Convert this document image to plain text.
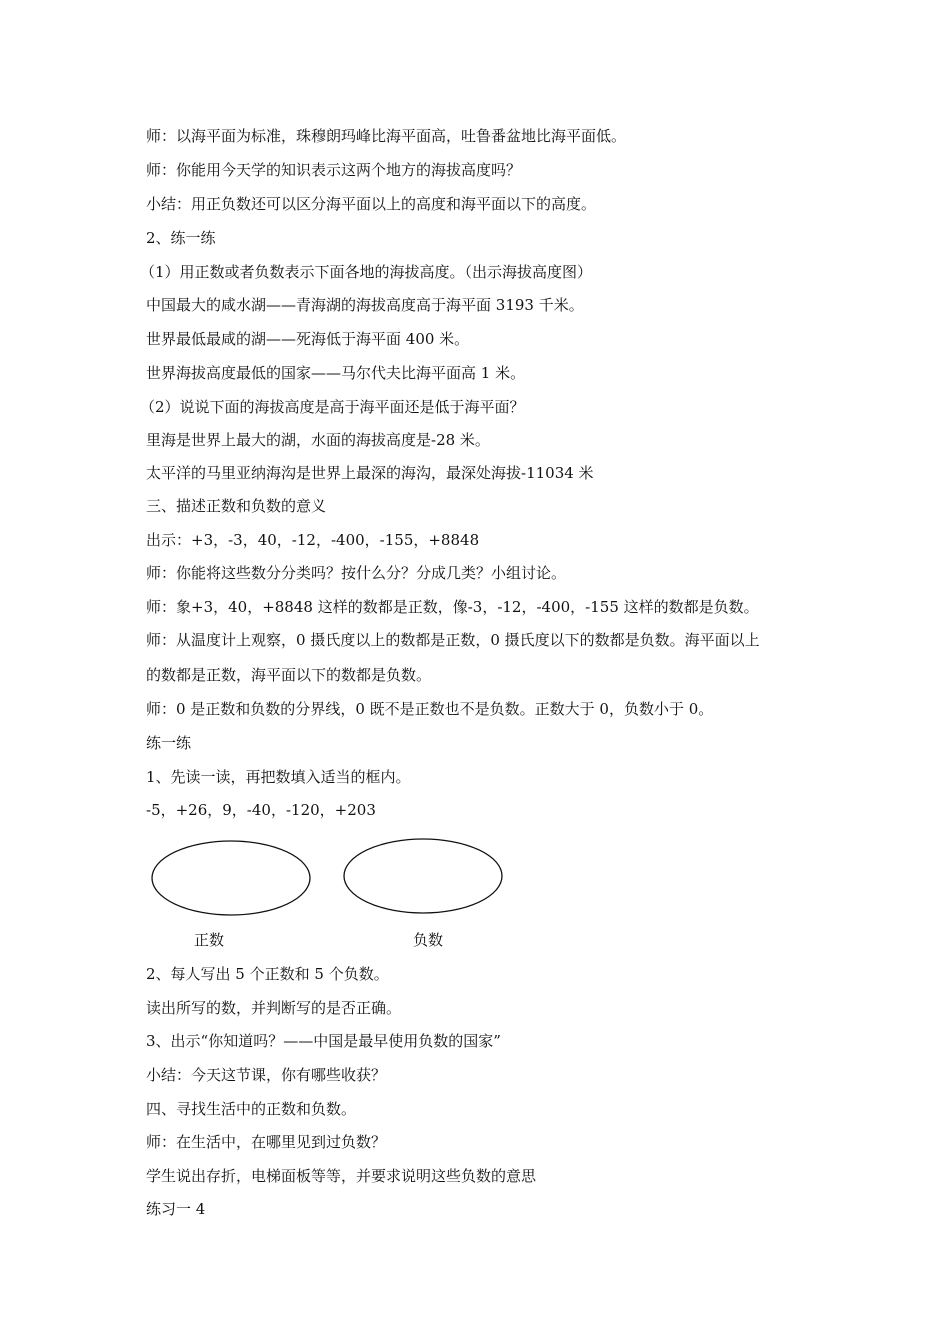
师：以海平面为标准，珠穆朗玛峰比海平面高，吐鲁番盆地比海平面低。
师：你能用今天学的知识表示这两个地方的海拔高度吗？
小结：用正负数还可以区分海平面以上的高度和海平面以下的高度。
2、练一练
（1）用正数或者负数表示下面各地的海拔高度。（出示海拔高度图）
中国最大的咸水湖——青海湖的海拔高度高于海平面 3193 千米。
世界最低最咸的湖——死海低于海平面 400 米。
世界海拔高度最低的国家——马尔代夫比海平面高 1 米。
（2）说说下面的海拔高度是高于海平面还是低于海平面？
里海是世界上最大的湖，水面的海拔高度是-28 米。
太平洋的马里亚纳海沟是世界上最深的海沟，最深处海拔-11034 米
三、描述正数和负数的意义
出示：+3，-3，40，-12，-400，-155，+8848
师：你能将这些数分分类吗？按什么分？分成几类？小组讨论。
师：象+3，40，+8848 这样的数都是正数，像-3，-12，-400，-155 这样的数都是负数。
师：从温度计上观察，0 摄氏度以上的数都是正数，0 摄氏度以下的数都是负数。海平面以上
的数都是正数，海平面以下的数都是负数。
师：0 是正数和负数的分界线，0 既不是正数也不是负数。正数大于 0，负数小于 0。
练一练
1、先读一读，再把数填入适当的框内。
-5，+26，9，-40，-120，+203
正数	负数
2、每人写出 5 个正数和 5 个负数。
读出所写的数，并判断写的是否正确。
3、出示“你知道吗？——中国是最早使用负数的国家”
小结：今天这节课，你有哪些收获？
四、寻找生活中的正数和负数。
师：在生活中，在哪里见到过负数？
学生说出存折，电梯面板等等，并要求说明这些负数的意思
练习一 4
